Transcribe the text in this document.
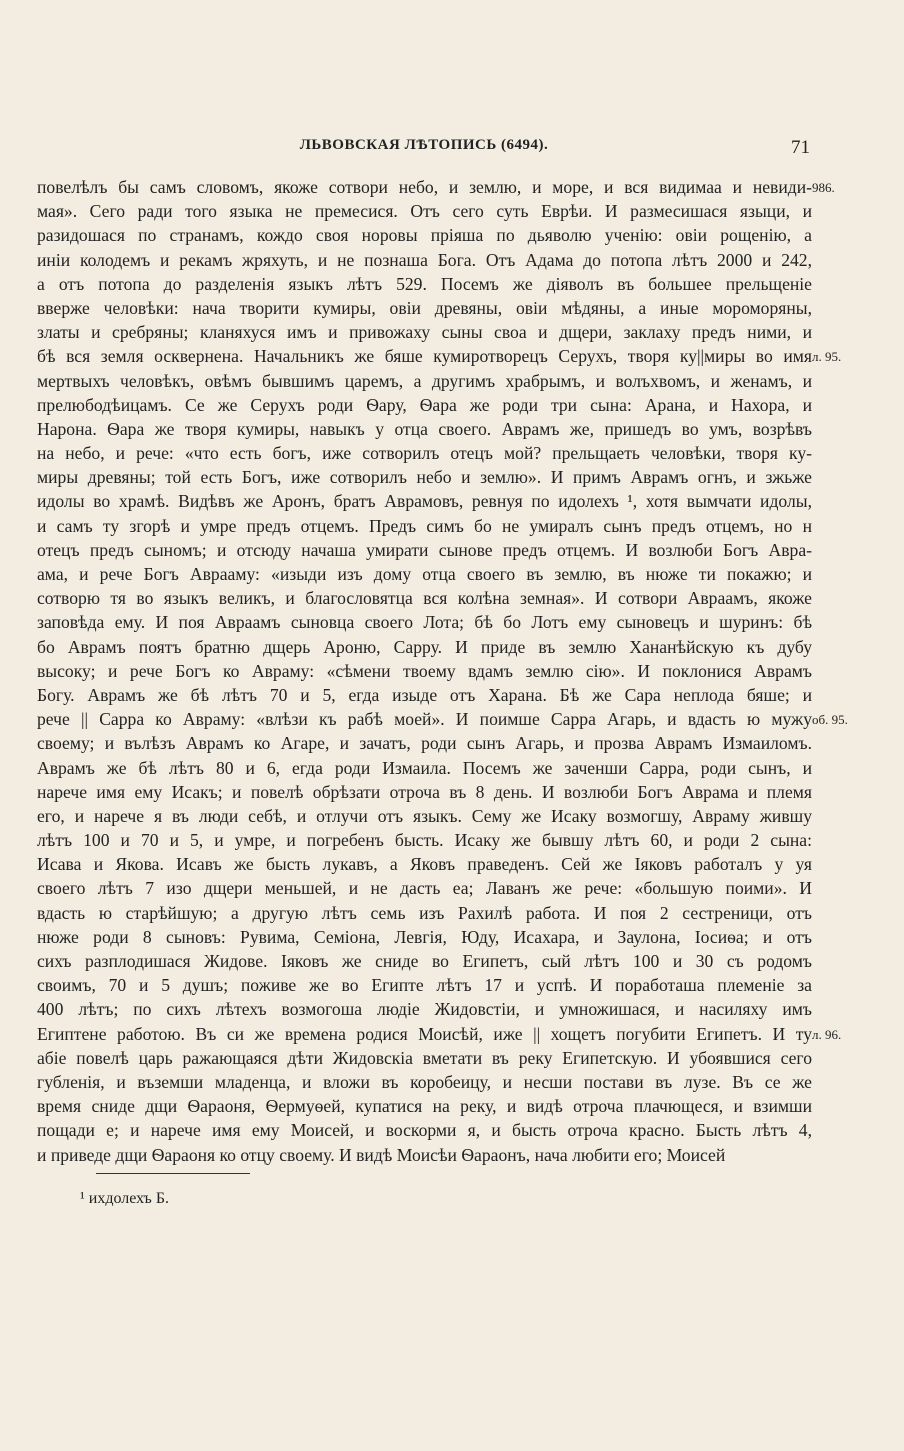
ЛЬВОВСКАЯ ЛѢТОПИСЬ (6494).	71
повелѣлъ бы самъ словомъ, якоже сотвори небо, и землю, и море, и вся видимаа и невиди-
мая». Сего ради того языка не премесися. Отъ сего суть Еврѣи. И размесишася языци, и
разидошася по странамъ, кождо своя норовы пріяша по дьяволю ученію: овіи рощенію, а
иніи колодемъ и рекамъ жряхуть, и не познаша Бога. Отъ Адама до потопа лѣтъ 2000 и 242,
а отъ потопа до разделенія языкъ лѣтъ 529. Посемъ же діяволъ въ большее прельщеніе
вверже человѣки: нача творити кумиры, овіи древяны, овіи мѣдяны, а иные мороморяны,
златы и сребряны; кланяхуся имъ и привожаху сыны своа и дщери, заклаху предъ ними, и
бѣ вся земля осквернена. Начальникъ же бяше кумиротворецъ Серухъ, творя ку||миры во имя
мертвыхъ человѣкъ, овѣмъ бывшимъ царемъ, а другимъ храбрымъ, и волъхвомъ, и женамъ, и
прелюбодѣицамъ. Се же Серухъ роди Ѳару, Ѳара же роди три сына: Арана, и Нахора, и
Нарона. Ѳара же творя кумиры, навыкъ у отца своего. Аврамъ же, пришедъ во умъ, возрѣвъ
на небо, и рече: «что есть богъ, иже сотворилъ отецъ мой? прельщаеть человѣки, творя ку-
миры древяны; той есть Богъ, иже сотворилъ небо и землю». И примъ Аврамъ огнъ, и зжьже
идолы во храмѣ. Видѣвъ же Аронъ, братъ Аврамовъ, ревнуя по идолехъ ¹, хотя вымчати идолы,
и самъ ту згорѣ и умре предъ отцемъ. Предъ симъ бо не умиралъ сынъ предъ отцемъ, но н
отецъ предъ сыномъ; и отсюду начаша умирати сынове предъ отцемъ. И возлюби Богъ Авра-
ама, и рече Богъ Аврааму: «изыди изъ дому отца своего въ землю, въ нюже ти покажю; и
сотворю тя во языкъ великъ, и благословятца вся колѣна земная». И сотвори Авраамъ, якоже
заповѣда ему. И поя Авраамъ сыновца своего Лота; бѣ бо Лотъ ему сыновецъ и шуринъ: бѣ
бо Аврамъ поятъ братню дщерь Ароню, Сарру. И приде въ землю Хананѣйскую къ дубу
высоку; и рече Богъ ко Авраму: «сѣмени твоему вдамъ землю сію». И поклонися Аврамъ
Богу. Аврамъ же бѣ лѣтъ 70 и 5, егда изыде отъ Харанa. Бѣ же Сара неплода бяше; и
рече || Сарра ко Авраму: «влѣзи къ рабѣ моей». И поимше Сарра Агарь, и вдасть ю мужу
своему; и вълѣзъ Аврамъ ко Агаре, и зачатъ, роди сынъ Агарь, и прозва Аврамъ Измаиломъ.
Аврамъ же бѣ лѣтъ 80 и 6, егда роди Измаила. Посемъ же заченши Сарра, роди сынъ, и
нарече имя ему Исакъ; и повелѣ обрѣзати отроча въ 8 день. И возлюби Богъ Аврама и племя
его, и нарече я въ люди себѣ, и отлучи отъ языкъ. Сему же Исаку возмогшу, Авраму жившу
лѣтъ 100 и 70 и 5, и умре, и погребенъ бысть. Исаку же бывшу лѣтъ 60, и роди 2 сына:
Исава и Якова. Исавъ же бысть лукавъ, а Яковъ праведенъ. Сей же Іяковъ работалъ у уя
своего лѣтъ 7 изо дщери меньшей, и не дасть еа; Лаванъ же рече: «большую поими». И
вдасть ю старѣйшую; а другую лѣтъ семь изъ Рахилѣ работа. И поя 2 сестреници, отъ
нюже роди 8 сыновъ: Рувима, Семіона, Левгія, Юду, Исахара, и Заулона, Іосиѳа; и отъ
сихъ разплодишася Жидове. Іяковъ же сниде во Египетъ, сый лѣтъ 100 и 30 съ родомъ
своимъ, 70 и 5 душъ; поживе же во Египте лѣтъ 17 и успѣ. И поработаша племеніе за
400 лѣтъ; по сихъ лѣтехъ возмогоша людіе Жидовстіи, и умножишася, и насиляху имъ
Египтене работою. Въ си же времена родися Моисѣй, иже || хощетъ погубити Египетъ. И ту
абіе повелѣ царь ражающаяся дѣти Жидовскіа вметати въ реку Египетскую. И убоявшися сего
губленія, и въземши младенца, и вложи въ коробеицу, и несши постави въ лузе. Въ се же
время сниде дщи Ѳараоня, Ѳермуѳей, купатися на реку, и видѣ отроча плачющеся, и взимши
пощади е; и нарече имя ему Моисей, и воскорми я, и бысть отроча красно. Бысть лѣтъ 4,
и приведе дщи Ѳараоня ко отцу своему. И видѣ Моисѣи Ѳараонъ, нача любити его; Моисей
986.
л. 95.
об. 95.
л. 96.
¹ ихдолехъ Б.
